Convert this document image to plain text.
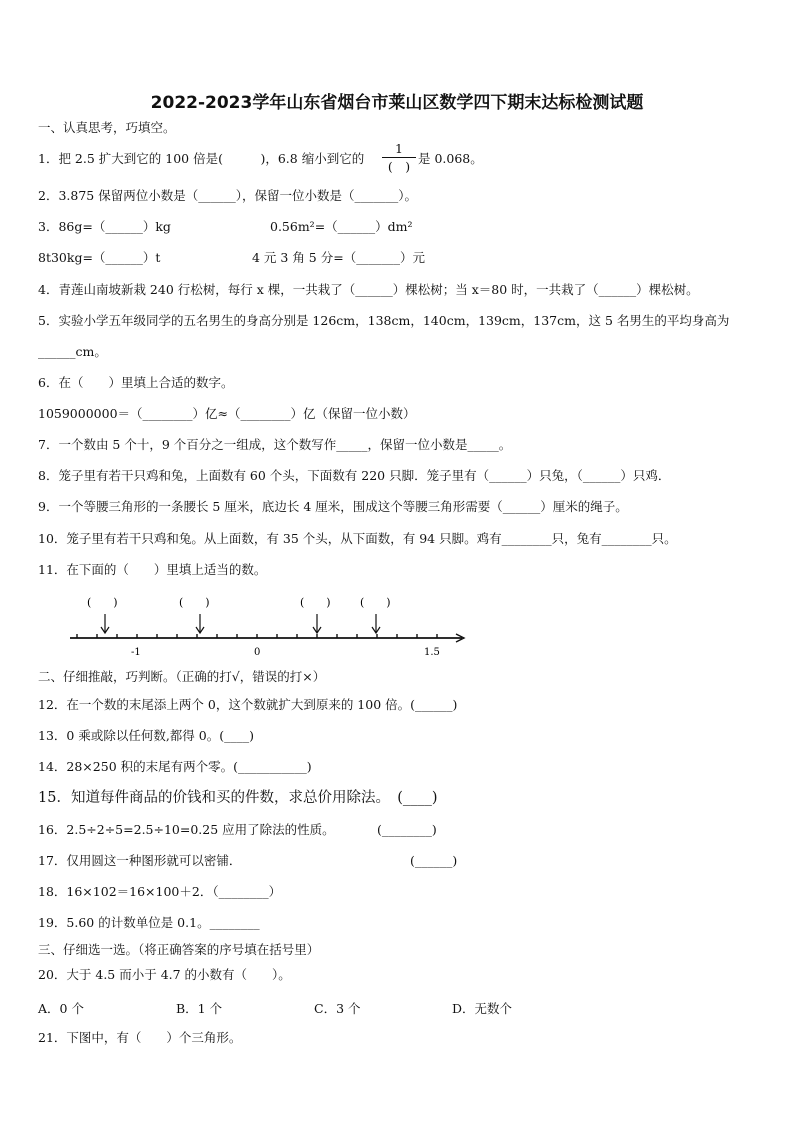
2022-2023学年山东省烟台市莱山区数学四下期末达标检测试题
一、认真思考，巧填空。
1．把 2.5 扩大到它的 100 倍是(　　　)，6.8 缩小到它的
1
(　)
是 0.068。
2．3.875 保留两位小数是（______），保留一位小数是（_______）。
3．86g=（______）kg	0.56m²=（______）dm²
8t30kg=（______）t	4 元 3 角 5 分=（_______）元
4．青莲山南坡新栽 240 行松树，每行 x 棵，一共栽了（______）棵松树；当 x＝80 时，一共栽了（______）棵松树。
5．实验小学五年级同学的五名男生的身高分别是 126cm，138cm，140cm，139cm，137cm，这 5 名男生的平均身高为
______cm。
6．在（　　）里填上合适的数字。
1059000000＝（________）亿≈（________）亿（保留一位小数）
7．一个数由 5 个十，9 个百分之一组成，这个数写作_____，保留一位小数是_____。
8．笼子里有若干只鸡和兔，上面数有 60 个头，下面数有 220 只脚．笼子里有（______）只兔，（______）只鸡．
9．一个等腰三角形的一条腰长 5 厘米，底边长 4 厘米，围成这个等腰三角形需要（______）厘米的绳子。
10．笼子里有若干只鸡和兔。从上面数，有 35 个头，从下面数，有 94 只脚。鸡有________只，兔有________只。
11．在下面的（　　）里填上适当的数。
(　　)	(　　)	(　　)	(　　)
-1	0	1.5
二、仔细推敲，巧判断。（正确的打√，错误的打×）
12．在一个数的末尾添上两个 0，这个数就扩大到原来的 100 倍。(______)
13．0 乘或除以任何数,都得 0。(____)
14．28×250 积的末尾有两个零。(___________)
15．知道每件商品的价钱和买的件数，求总价用除法。　(____)
16．2.5÷2÷5=2.5÷10=0.25 应用了除法的性质。	(________)
17．仅用圆这一种图形就可以密铺．	(______)
18．16×102＝16×100＋2．（________）
19．5.60 的计数单位是 0.1。________
三、仔细选一选。（将正确答案的序号填在括号里）
20．大于 4.5 而小于 4.7 的小数有（　　）。
A．0 个	B．1 个	C．3 个	D．无数个
21．下图中，有（　　）个三角形。
